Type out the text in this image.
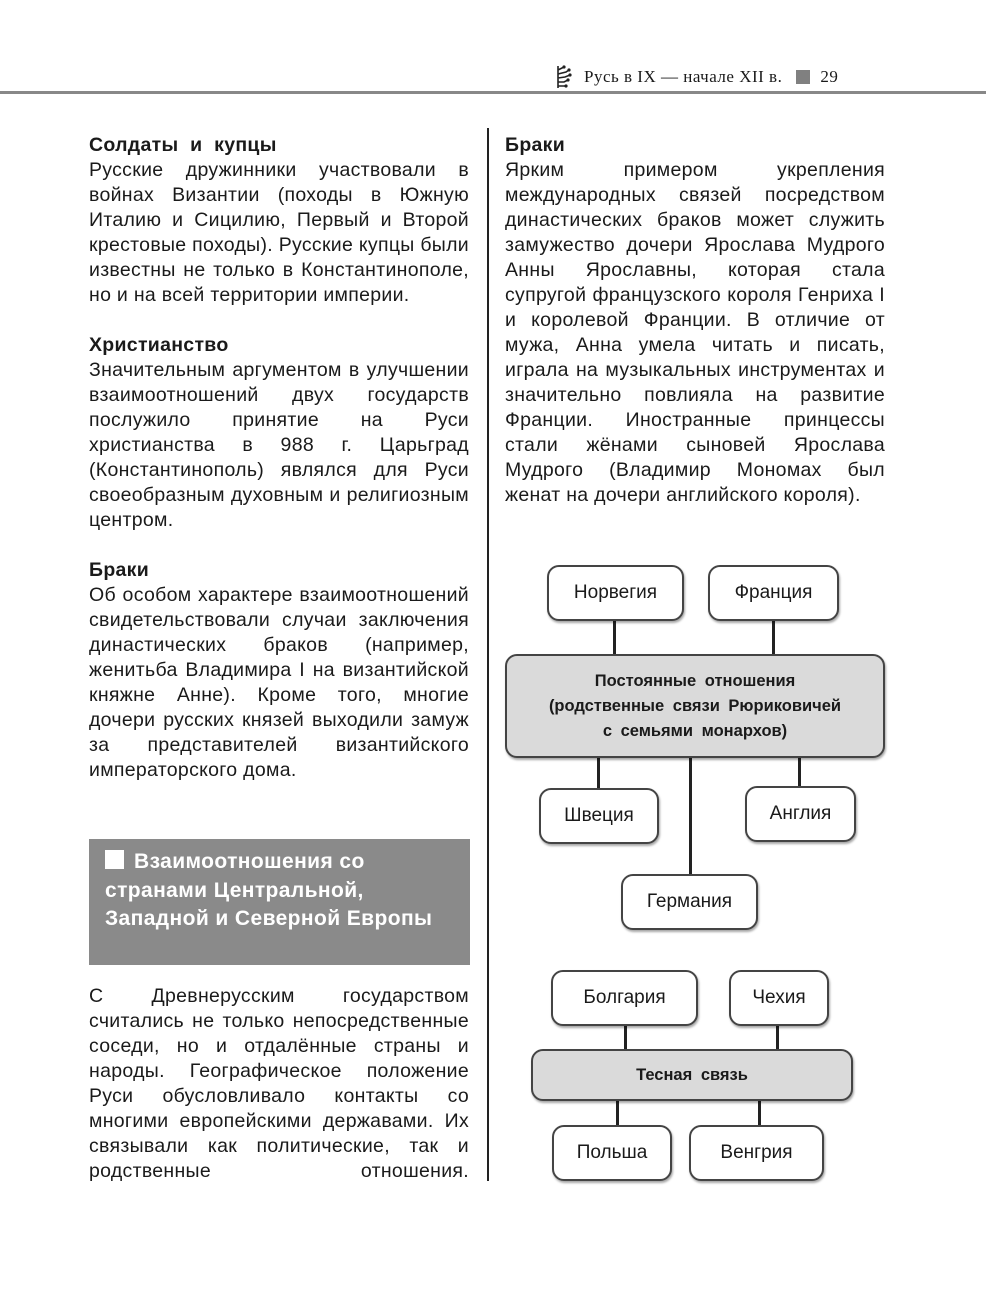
Русь в IX — начале XII в. 29
Солдаты и купцы

Русские дружинники участвовали в войнах Византии (походы в Южную Италию и Сицилию, Первый и Второй крестовые походы). Русские купцы были известны не только в Константинополе, но и на всей территории империи.

Христианство

Значительным аргументом в улучшении взаимоотношений двух государств послужило принятие на Руси христианства в 988 г. Царьград (Константинополь) являлся для Руси своеобразным духовным и религиозным центром.

Браки

Об особом характере взаимоотношений свидетельствовали случаи заключения династических браков (например, женитьба Владимира I на византийской княжне Анне). Кроме того, многие дочери русских князей выходили замуж за представителей византийского императорского дома.

Взаимоотношения со странами Центральной, Западной и Северной Европы

С Древнерусским государством считались не только непосредственные соседи, но и отдалённые страны и народы. Географическое положение Руси обусловливало контакты со многими европейскими державами. Их связывали как политические, так и родственные отношения.

Браки

Ярким примером укрепления международных связей посредством династических браков может служить замужество дочери Ярослава Мудрого Анны Ярославны, которая стала супругой французского короля Генриха I и королевой Франции. В отличие от мужа, Анна умела читать и писать, играла на музыкальных инструментах и значительно повлияла на развитие Франции. Иностранные принцессы стали жёнами сыновей Ярослава Мудрого (Владимир Мономах был женат на дочери английского короля).

Норвегия	Франция
Постоянные отношения
(родственные связи Рюриковичей
с семьями монархов)
Швеция	Англия
Германия
Болгария	Чехия
Тесная связь
Польша	Венгрия
